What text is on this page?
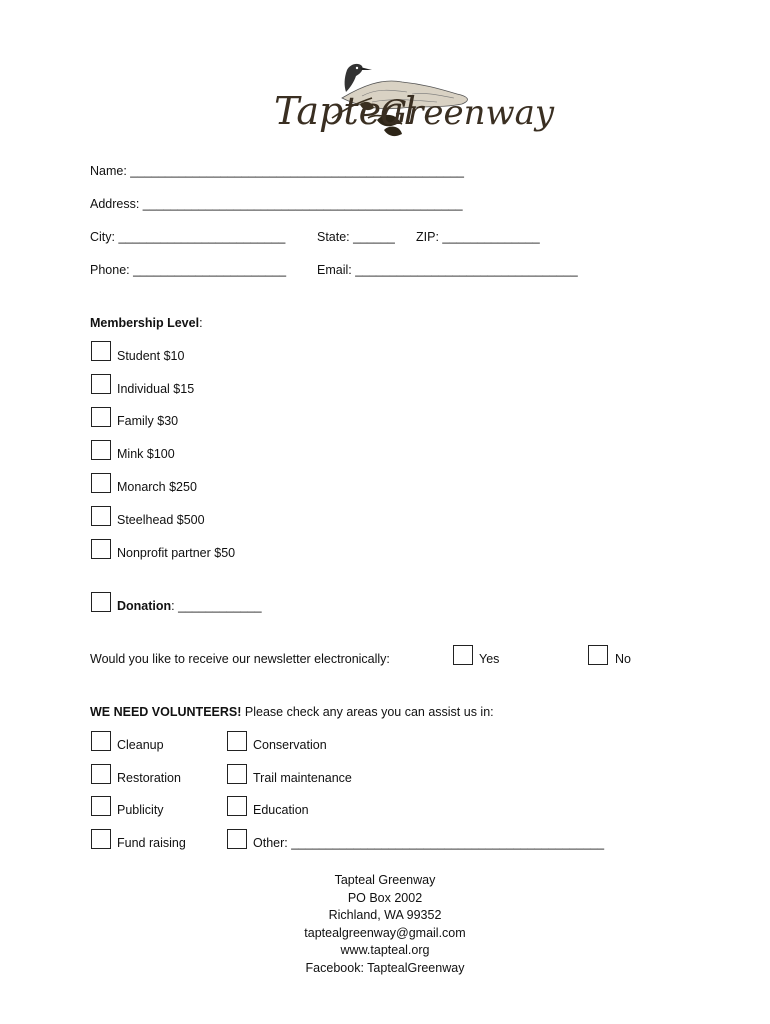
Tapteal
Greenway
Name: ________________________________________________
Address: ______________________________________________
City: ________________________	State: ______ ZIP: ______________
Phone: ______________________ Email: ________________________________
Membership Level:
Student $10
Individual $15
Family $30
Mink $100
Monarch $250
Steelhead $500
Nonprofit partner $50
Donation: ____________
Would you like to receive our newsletter electronically:	Yes	No
WE NEED VOLUNTEERS! Please check any areas you can assist us in:
Cleanup	Conservation
Restoration	Trail maintenance
Publicity	Education
Fund raising	Other: _____________________________________________
Tapteal Greenway
PO Box 2002
Richland, WA 99352
taptealgreenway@gmail.com
www.tapteal.org
Facebook: TaptealGreenway
